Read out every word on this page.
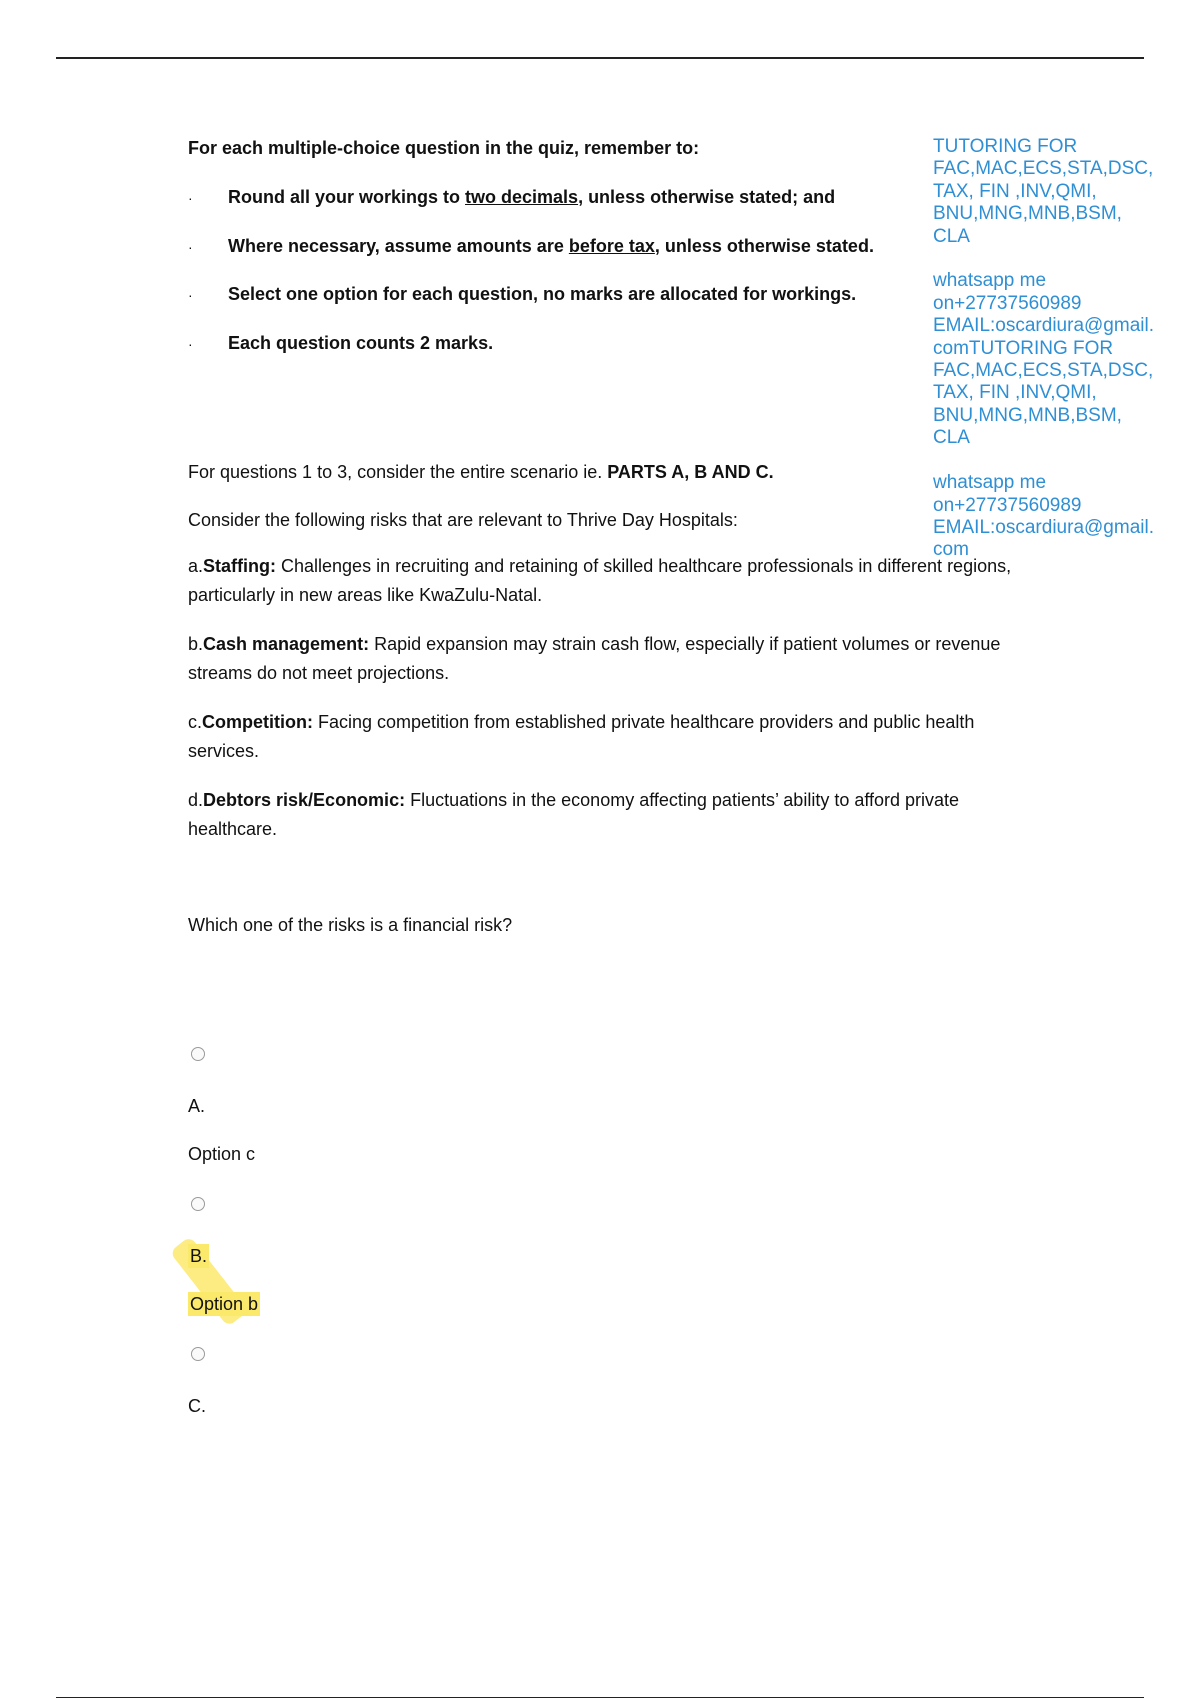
For each multiple-choice question in the quiz, remember to:
· Round all your workings to two decimals, unless otherwise stated; and
· Where necessary, assume amounts are before tax, unless otherwise stated.
· Select one option for each question, no marks are allocated for workings.
· Each question counts 2 marks.
TUTORING FOR
FAC,MAC,ECS,STA,DSC,
TAX, FIN ,INV,QMI,
BNU,MNG,MNB,BSM,
CLA

whatsapp me
on+27737560989
EMAIL:oscardiura@gmail.
comTUTORING FOR
FAC,MAC,ECS,STA,DSC,
TAX, FIN ,INV,QMI,
BNU,MNG,MNB,BSM,
CLA

whatsapp me
on+27737560989
EMAIL:oscardiura@gmail.
com
For questions 1 to 3, consider the entire scenario ie. PARTS A, B AND C.
Consider the following risks that are relevant to Thrive Day Hospitals:
a.Staffing: Challenges in recruiting and retaining of skilled healthcare professionals in different regions, particularly in new areas like KwaZulu-Natal.
b.Cash management: Rapid expansion may strain cash flow, especially if patient volumes or revenue streams do not meet projections.
c.Competition: Facing competition from established private healthcare providers and public health services.
d.Debtors risk/Economic: Fluctuations in the economy affecting patients’ ability to afford private healthcare.
Which one of the risks is a financial risk?
A.
Option c
B.
Option b
C.
